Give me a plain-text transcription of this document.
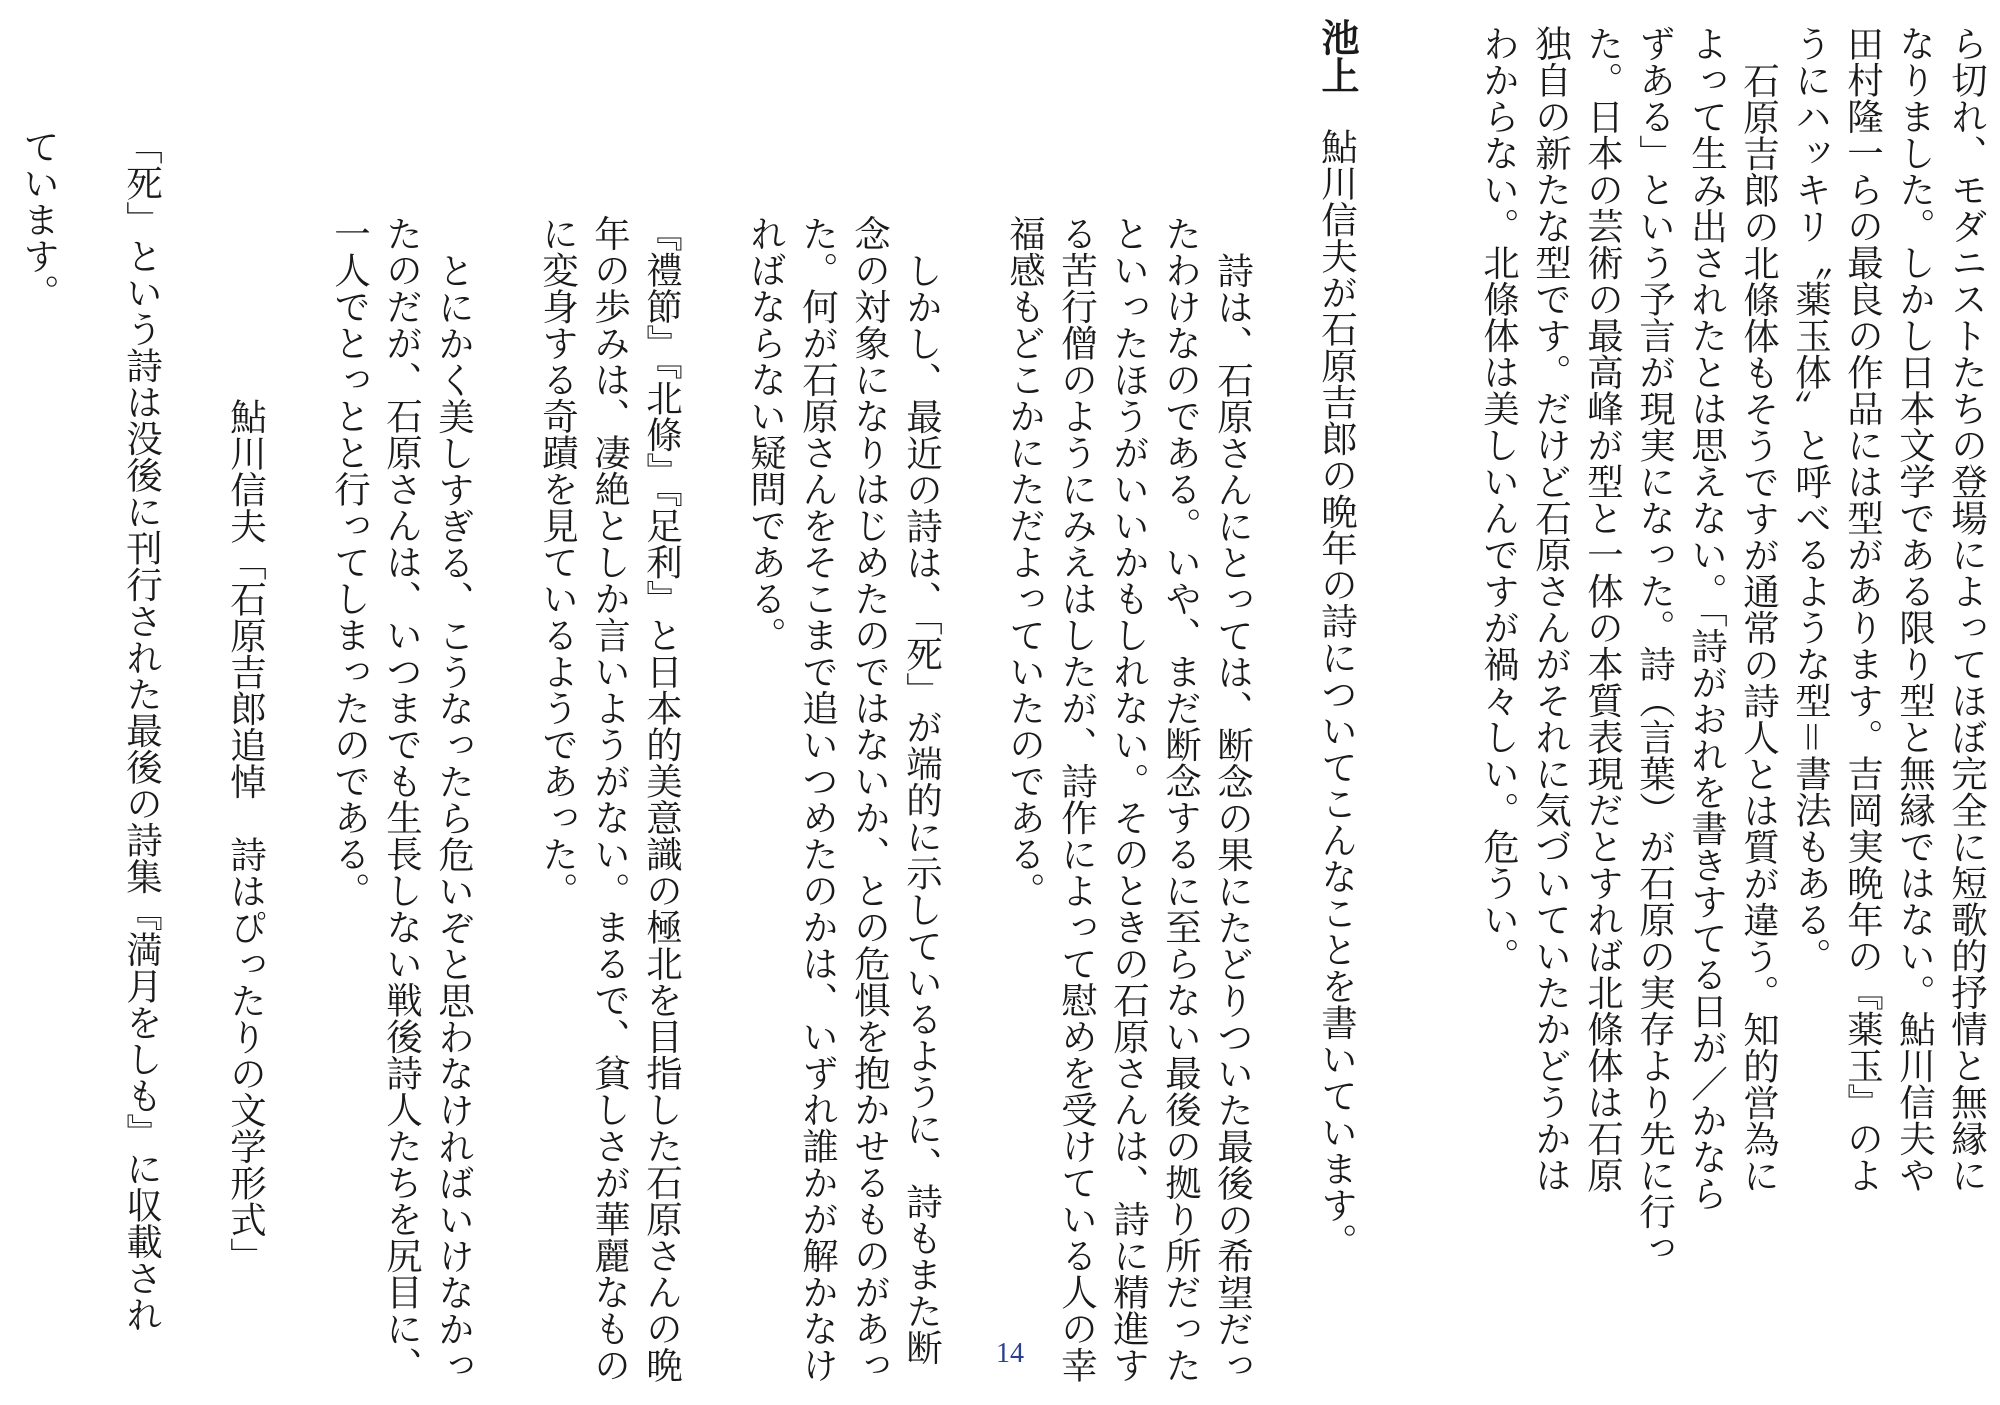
ら切れ、モダニストたちの登場によってほぼ完全に短歌的抒情と無縁に
なりました。しかし日本文学である限り型と無縁ではない。鮎川信夫や
田村隆一らの最良の作品には型があります。吉岡実晩年の『薬玉』のよ
うにハッキリ〝薬玉体〟と呼べるような型＝書法もある。
石原吉郎の北條体もそうですが通常の詩人とは質が違う。知的営為に
よって生み出されたとは思えない。「詩がおれを書きすてる日が／かなら
ずある」という予言が現実になった。詩（言葉）が石原の実存より先に行っ
た。日本の芸術の最高峰が型と一体の本質表現だとすれば北條体は石原
独自の新たな型です。だけど石原さんがそれに気づいていたかどうかは
わからない。北條体は美しいんですが禍々しい。危うい。
池上
鮎川信夫が石原吉郎の晩年の詩についてこんなことを書いています。
詩は、石原さんにとっては、断念の果にたどりついた最後の希望だっ
たわけなのである。いや、まだ断念するに至らない最後の拠り所だった
といったほうがいいかもしれない。そのときの石原さんは、詩に精進す
る苦行僧のようにみえはしたが、詩作によって慰めを受けている人の幸
福感もどこかにただよっていたのである。
しかし、最近の詩は、「死」が端的に示しているように、詩もまた断
念の対象になりはじめたのではないか、との危惧を抱かせるものがあっ
た。何が石原さんをそこまで追いつめたのかは、いずれ誰かが解かなけ
ればならない疑問である。
『禮節』『北條』『足利』と日本的美意識の極北を目指した石原さんの晩
年の歩みは、凄絶としか言いようがない。まるで、貧しさが華麗なもの
に変身する奇蹟を見ているようであった。
とにかく美しすぎる、こうなったら危いぞと思わなければいけなかっ
たのだが、石原さんは、いつまでも生長しない戦後詩人たちを尻目に、
一人でとっとと行ってしまったのである。
鮎川信夫「石原吉郎追悼　詩はぴったりの文学形式」
「死」という詩は没後に刊行された最後の詩集『満月をしも』に収載され
ています。
14
